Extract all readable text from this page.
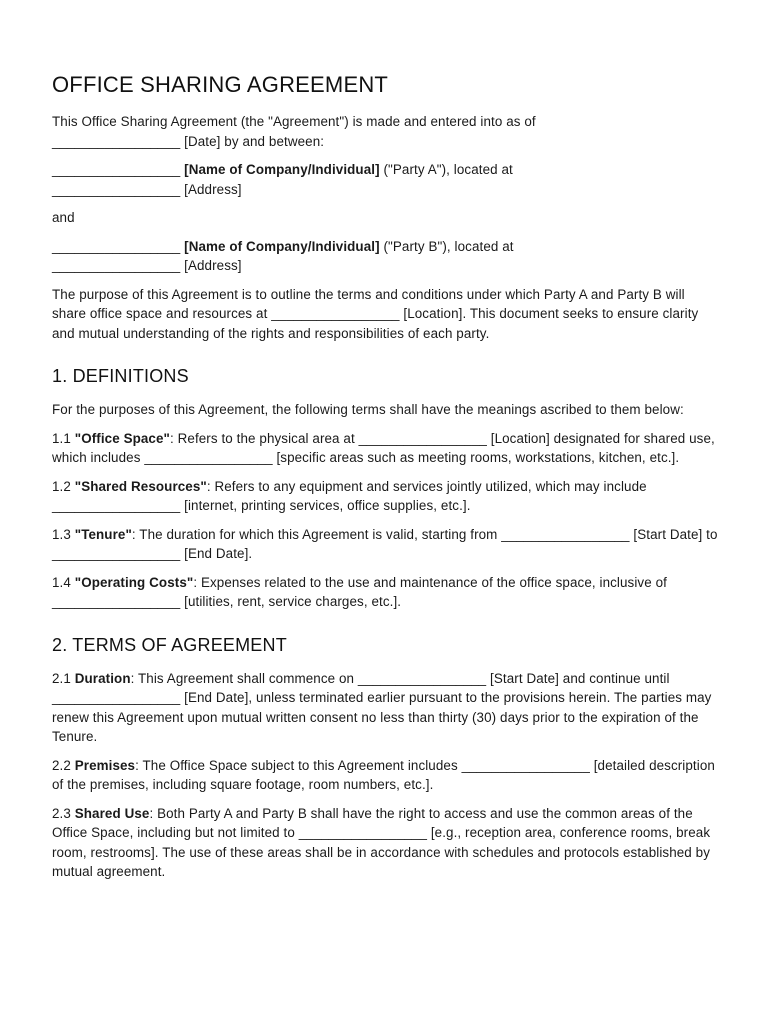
OFFICE SHARING AGREEMENT

This Office Sharing Agreement (the "Agreement") is made and entered into as of
_________________ [Date] by and between:

_________________ [Name of Company/Individual] ("Party A"), located at
_________________ [Address]

and

_________________ [Name of Company/Individual] ("Party B"), located at
_________________ [Address]

The purpose of this Agreement is to outline the terms and conditions under which Party A and Party B will share office space and resources at _________________ [Location]. This document seeks to ensure clarity and mutual understanding of the rights and responsibilities of each party.

1. DEFINITIONS

For the purposes of this Agreement, the following terms shall have the meanings ascribed to them below:

1.1 "Office Space": Refers to the physical area at _________________ [Location] designated for shared use, which includes _________________ [specific areas such as meeting rooms, workstations, kitchen, etc.].

1.2 "Shared Resources": Refers to any equipment and services jointly utilized, which may include _________________ [internet, printing services, office supplies, etc.].

1.3 "Tenure": The duration for which this Agreement is valid, starting from _________________ [Start Date] to _________________ [End Date].

1.4 "Operating Costs": Expenses related to the use and maintenance of the office space, inclusive of _________________ [utilities, rent, service charges, etc.].

2. TERMS OF AGREEMENT

2.1 Duration: This Agreement shall commence on _________________ [Start Date] and continue until _________________ [End Date], unless terminated earlier pursuant to the provisions herein. The parties may renew this Agreement upon mutual written consent no less than thirty (30) days prior to the expiration of the Tenure.

2.2 Premises: The Office Space subject to this Agreement includes _________________ [detailed description of the premises, including square footage, room numbers, etc.].

2.3 Shared Use: Both Party A and Party B shall have the right to access and use the common areas of the Office Space, including but not limited to _________________ [e.g., reception area, conference rooms, break room, restrooms]. The use of these areas shall be in accordance with schedules and protocols established by mutual agreement.
